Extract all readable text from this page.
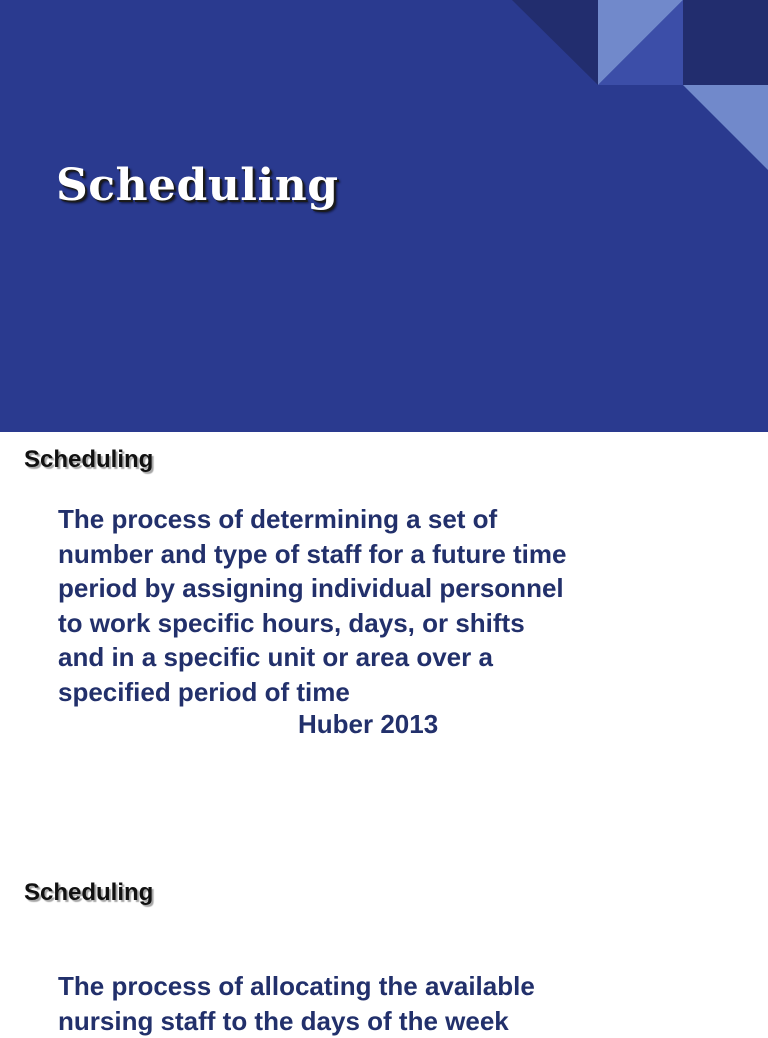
Scheduling
Scheduling
The process of determining a set of
number and type of staff for a future time
period by assigning individual personnel
to work specific hours, days, or shifts
and in a specific unit or area over a
specified period of time

Huber 2013

Scheduling
The process of allocating the available
nursing staff to the days of the week
